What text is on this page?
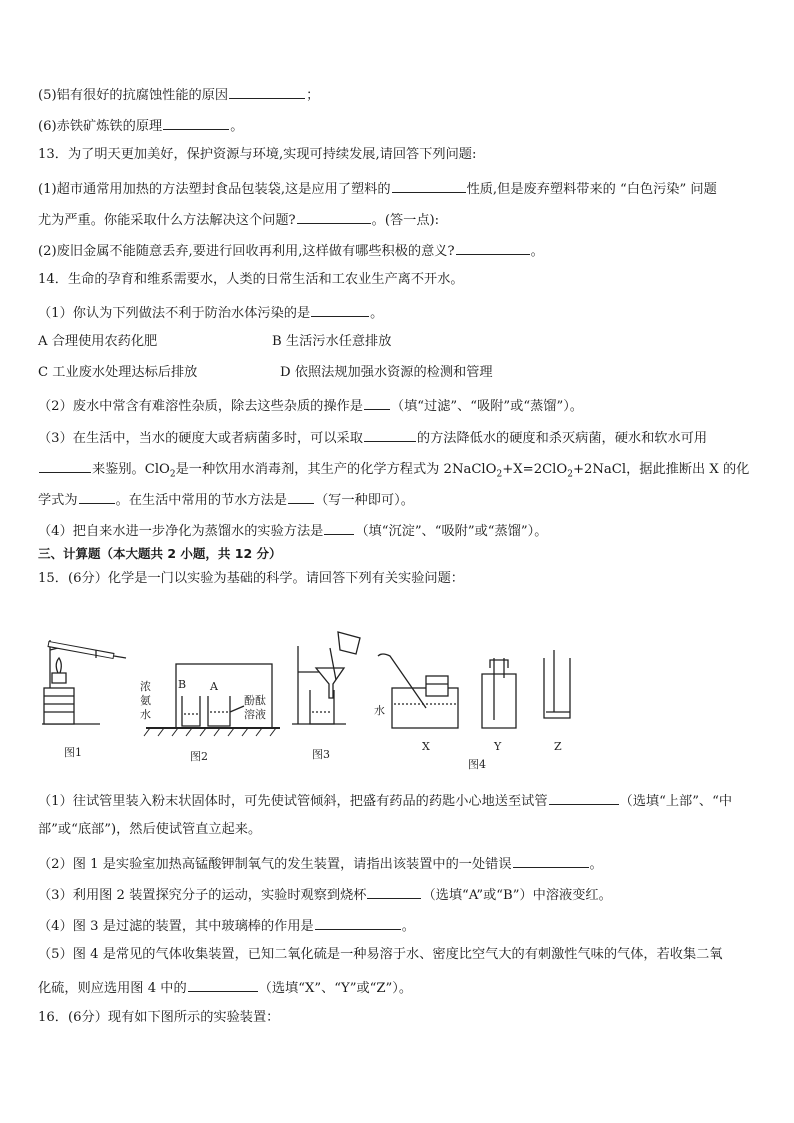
(5)铝有很好的抗腐蚀性能的原因	；
(6)赤铁矿炼铁的原理	。
13．为了明天更加美好，保护资源与环境,实现可持续发展,请回答下列问题:
(1)超市通常用加热的方法塑封食品包装袋,这是应用了塑料的	性质,但是废弃塑料带来的 “白色污染” 问题
尤为严重。你能采取什么方法解决这个问题?	。(答一点):
(2)废旧金属不能随意丢弃,要进行回收再利用,这样做有哪些积极的意义?	。
14．生命的孕育和维系需要水，人类的日常生活和工农业生产离不开水。
（1）你认为下列做法不利于防治水体污染的是	。
A 合理使用农药化肥	B 生活污水任意排放
C 工业废水处理达标后排放	D 依照法规加强水资源的检测和管理
（2）废水中常含有难溶性杂质，除去这些杂质的操作是 （填“过滤”、“吸附”或“蒸馏”）。
（3）在生活中，当水的硬度大或者病菌多时，可以采取	的方法降低水的硬度和杀灭病菌，硬水和软水可用
来鉴别。ClO$_2$是一种饮用水消毒剂，其生产的化学方程式为 2NaClO$_2$+X=2ClO$_2$+2NaCl，据此推断出 X 的化
学式为	。在生活中常用的节水方法是 （写一种即可）。
（4）把自来水进一步净化为蒸馏水的实验方法是 （填“沉淀”、“吸附”或“蒸馏”）。
三、计算题（本大题共 2 小题，共 12 分）
15．(6分）化学是一门以实验为基础的科学。请回答下列有关实验问题：
图1	图2	图3
图4
浓
氨
水
B A
酚酞
溶液	水
X	Y	Z
（1）往试管里装入粉末状固体时，可先使试管倾斜，把盛有药品的药匙小心地送至试管	（选填“上部”、“中
部”或“底部”)，然后使试管直立起来。
（2）图 1 是实验室加热高锰酸钾制氧气的发生装置，请指出该装置中的一处错误	。
（3）利用图 2 装置探究分子的运动，实验时观察到烧杯	（选填“A”或“B”）中溶液变红。
（4）图 3 是过滤的装置，其中玻璃棒的作用是	。
（5）图 4 是常见的气体收集装置，已知二氧化硫是一种易溶于水、密度比空气大的有刺激性气味的气体，若收集二氧
化硫，则应选用图 4 中的	（选填“X”、“Y”或“Z”）。
16．(6分）现有如下图所示的实验装置：
